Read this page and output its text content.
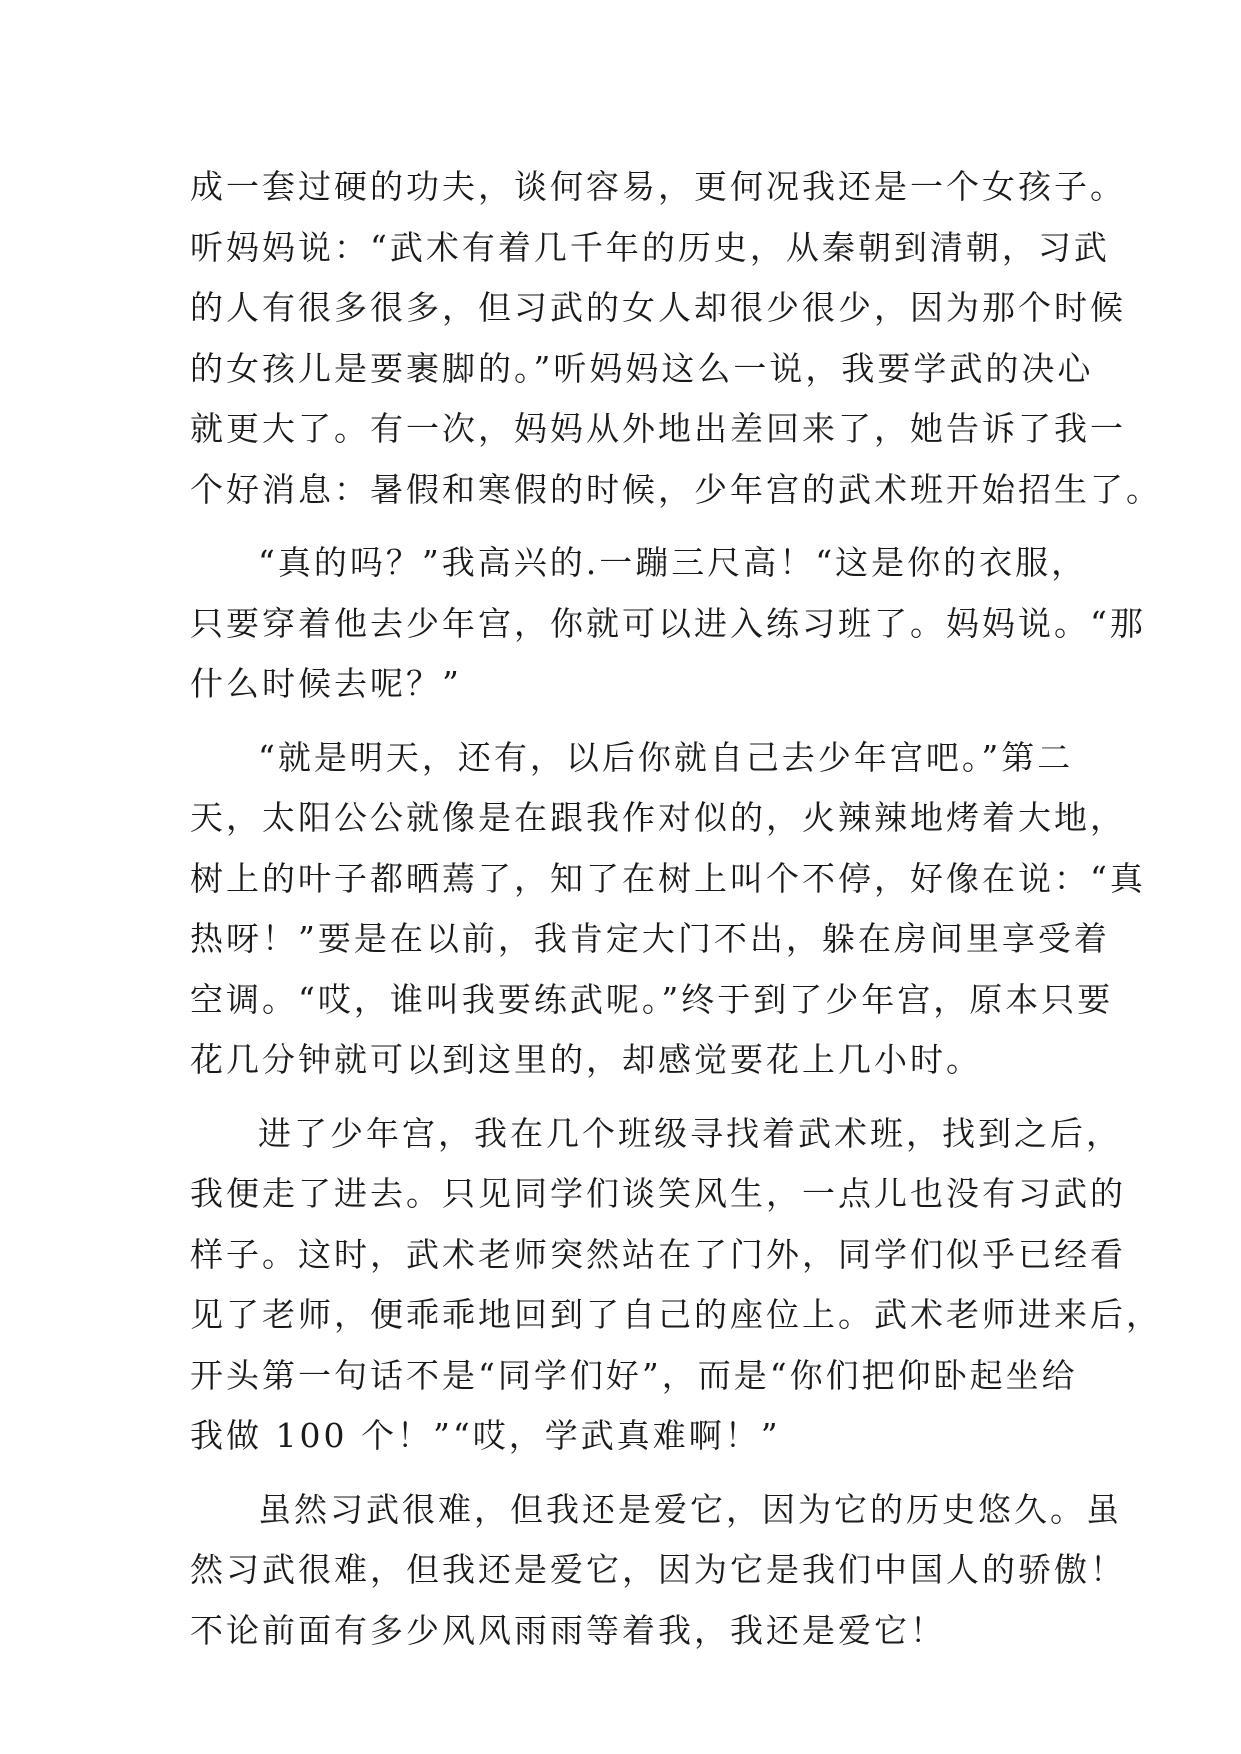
成一套过硬的功夫，谈何容易，更何况我还是一个女孩子。
听妈妈说：“武术有着几千年的历史，从秦朝到清朝，习武
的人有很多很多，但习武的女人却很少很少，因为那个时候
的女孩儿是要裹脚的。”听妈妈这么一说，我要学武的决心
就更大了。有一次，妈妈从外地出差回来了，她告诉了我一
个好消息：暑假和寒假的时候，少年宫的武术班开始招生了。
“真的吗？”我高兴的.一蹦三尺高！“这是你的衣服，
只要穿着他去少年宫，你就可以进入练习班了。妈妈说。“那
什么时候去呢？”
“就是明天，还有，以后你就自己去少年宫吧。”第二
天，太阳公公就像是在跟我作对似的，火辣辣地烤着大地，
树上的叶子都晒蔫了，知了在树上叫个不停，好像在说：“真
热呀！”要是在以前，我肯定大门不出，躲在房间里享受着
空调。“哎，谁叫我要练武呢。”终于到了少年宫，原本只要
花几分钟就可以到这里的，却感觉要花上几小时。
进了少年宫，我在几个班级寻找着武术班，找到之后，
我便走了进去。只见同学们谈笑风生，一点儿也没有习武的
样子。这时，武术老师突然站在了门外，同学们似乎已经看
见了老师，便乖乖地回到了自己的座位上。武术老师进来后，
开头第一句话不是“同学们好”，而是“你们把仰卧起坐给
我做 100 个！”“哎，学武真难啊！”
虽然习武很难，但我还是爱它，因为它的历史悠久。虽
然习武很难，但我还是爱它，因为它是我们中国人的骄傲！
不论前面有多少风风雨雨等着我，我还是爱它！
